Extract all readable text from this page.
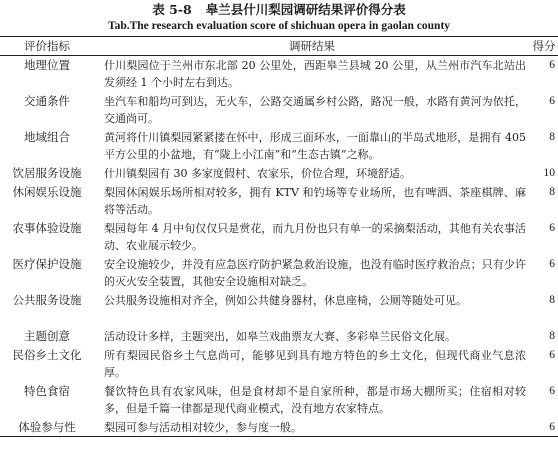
表 5-8 皋兰县什川梨园调研结果评价得分表
Tab.The research evaluation score of shichuan opera in gaolan county
评价指标	调研结果	得分
地理位置	什川梨园位于兰州市东北部 20 公里处，西距皋兰县城 20 公里，从兰州市汽车北站出发须经 1 个小时左右到达。	6
交通条件	坐汽车和船均可到达，无火车，公路交通属乡村公路，路况一般，水路有黄河为依托，交通尚可。	6
地域组合	黄河将什川镇梨园紧紧搂在怀中，形成三面环水，一面靠山的半岛式地形，是拥有 405 平方公里的小盆地，有“陇上小江南”和“生态古镇”之称。	8
饮居服务设施	什川镇梨园有 30 多家度假村、农家乐，价位合理，环境舒适。	10
休闲娱乐设施	梨园休闲娱乐场所相对较多，拥有 KTV 和钓场等专业场所，也有啤酒、茶座棋牌、麻将等活动。	8
农事体验设施	梨园每年 4 月中旬仅仅只是赏花，而九月份也只有单一的采摘梨活动，其他有关农事活动、农业展示较少。	6
医疗保护设施	安全设施较少，并没有应急医疗防护紧急救治设施，也没有临时医疗救治点；只有少许的灭火安全装置，其他安全设施相对缺乏。	6
公共服务设施	公共服务设施相对齐全，例如公共健身器材，休息座椅，公厕等随处可见。	8
主题创意	活动设计多样，主题突出，如皋兰戏曲票友大赛、多彩皋兰民俗文化展。	8
民俗乡土文化	所有梨园民俗乡土气息尚可，能够见到具有地方特色的乡土文化，但现代商业气息浓厚。	6
特色食宿	餐饮特色具有农家风味，但是食材却不是自家所种，都是市场大棚所买；住宿相对较多，但是千篇一律都是现代商业模式，没有地方农家特点。	6
体验参与性	梨园可参与活动相对较少，参与度一般。	6
